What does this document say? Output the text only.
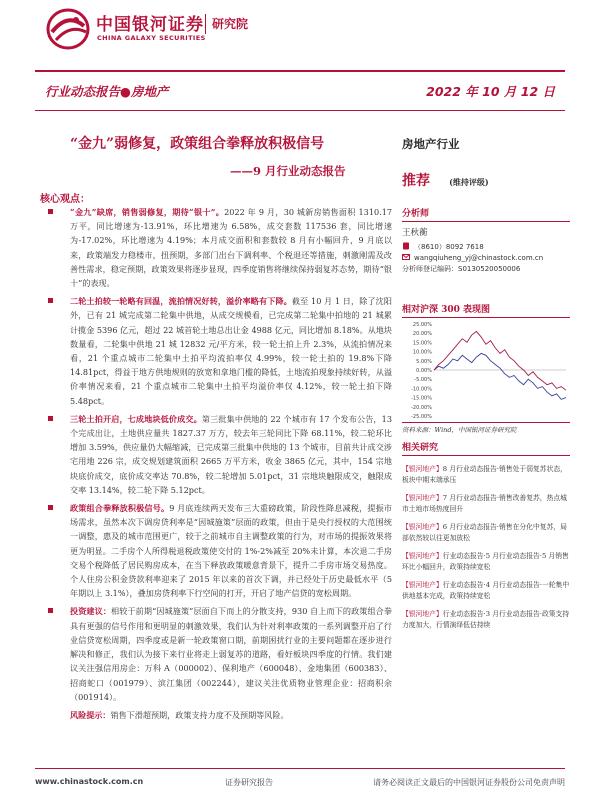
中国银河证券
CHINA GALAXY SECURITIES
研究院
行业动态报告●房地产	2022 年 10 月 12 日
“金九”弱修复，政策组合拳释放积极信号
——9 月行业动态报告
核心观点：
“金九”缺席，销售弱修复，期待“银十”。2022 年 9 月，30 城新房销售面积 1310.17 万平，同比增速为-13.91%，环比增速为 6.58%，成交套数 117536 套，同比增速为-17.02%，环比增速为 4.19%；本月成交面积和套数较 8 月有小幅回升，9 月底以来，政策端发力稳楼市，扭预期，多部门出台下调利率、个税退还等措施，刺激刚需及改善性需求，稳定预期，政策效果将逐步显现，四季度销售将继续保持弱复苏态势，期待“银十”的表现。
二轮土拍较一轮略有回温，流拍情况好转，溢价率略有下降。截至 10 月 1 日，除了沈阳外，已有 21 城完成第二轮集中供地，从成交规模看，已完成第二轮集中拍地的 21 城累计揽金 5396 亿元，超过 22 城首轮土地总出让金 4988 亿元，同比增加 8.18%。从地块数量看，二轮集中供地 21 城 12832 元/平方米，较一轮土拍上升 2.3%，从流拍情况来看，21 个重点城市二轮集中土拍平均流拍率仅 4.99%，较一轮土拍的 19.8%下降 14.81pct，得益于地方供地规则的放宽和拿地门槛的降低，土地流拍现象持续好转，从溢价率情况来看，21 个重点城市二轮集中土拍平均溢价率仅 4.12%，较一轮土拍下降 5.48pct。
三轮土拍开启，七成地块低价成交。第三批集中供地的 22 个城市有 17 个发布公告，13 个完成出让，土地供应量共 1827.37 万方，较去年三轮同比下降 68.11%，较二轮环比增加 3.59%，供应量仍大幅缩减，已完成第三批集中供地的 13 个城市，目前共计成交涉宅用地 226 宗，成交规划建筑面积 2665 万平方米，收金 3865 亿元，其中，154 宗地块底价成交，底价成交率达 70.8%，较二轮增加 5.01pct，31 宗地块触限成交，触限成交率 13.14%，较二轮下降 5.12pct。
政策组合拳释放积极信号。9 月底连续两天发布三大重磅政策，阶段性降息减税，提振市场需求，虽然本次下调房贷利率是“因城施策”层面的政策，但由于是央行授权的大范围统一调整，惠及的城市范围更广，较于之前城市自主调整政策的行为，对市场的提振效果将更为明显。二手房个人所得税退税政策使交付的 1%-2%减至 20%未计算，本次退二手房交易个税降低了居民购房成本，在当下释放政策暖意背景下，提升二手房市场交易热度。个人住房公积金贷款利率迎来了 2015 年以来的首次下调，并已经处于历史最低水平（5 年期以上 3.1%），叠加房贷利率下行空间的打开，开启了地产信贷的宽松周期。
投资建议：相较于前期“因城施策”层面自下而上的分散支持，930 自上而下的政策组合拳具有更强的信号作用和更明显的刺激效果，我们认为针对利率政策的一系列调整开启了行业信贷宽松周期，四季度或是新一轮政策窗口期，前期困扰行业的主要问题都在逐步进行解决和修正，我们认为接下来行业将走上弱复苏的道路，看好板块四季度的行情。我们建议关注强信用房企：万科 A（000002）、保利地产（600048）、金地集团（600383）、招商蛇口（001979）、滨江集团（002244），建议关注优质物业管理企业：招商积余（001914）。
风险提示：销售下滑超预期，政策支持力度不及预期等风险。
房地产行业
推荐 (维持评级)
分析师
王秋蘅
（8610）8092 7618
wangqiuheng_yj@chinastock.com.cn
分析师登记编码：S0130520050006
相对沪深 300 表现图
25.00%
20.00%
15.00%
10.00%
5.00%
0.00%
-5.00%
-10.00%
-15.00%
-20.00%
-25.00%
资料来源：Wind，中国银河证券研究院
相关研究
【银河地产】8 月行业动态报告·销售处于弱复苏状态，板块中期末端承压
【银河地产】7 月行业动态报告·销售改善复苏，热点城市土地市场热度回升
【银河地产】6 月行业动态报告·销售在分化中复苏，局部依然较以往更加放松
【银河地产】行业动态报告·5 月行业动态报告·5 月销售环比小幅回升，政策持续宽松
【银河地产】行业动态报告·4 月行业动态报告·一轮集中供地基本完成，政策持续宽松
【银河地产】行业动态报告·3 月行业动态报告·政策支持力度加大，行情演绎低估持续
www.chinastock.com.cn	证券研究报告	请务必阅读正文最后的中国银河证券股份公司免责声明
